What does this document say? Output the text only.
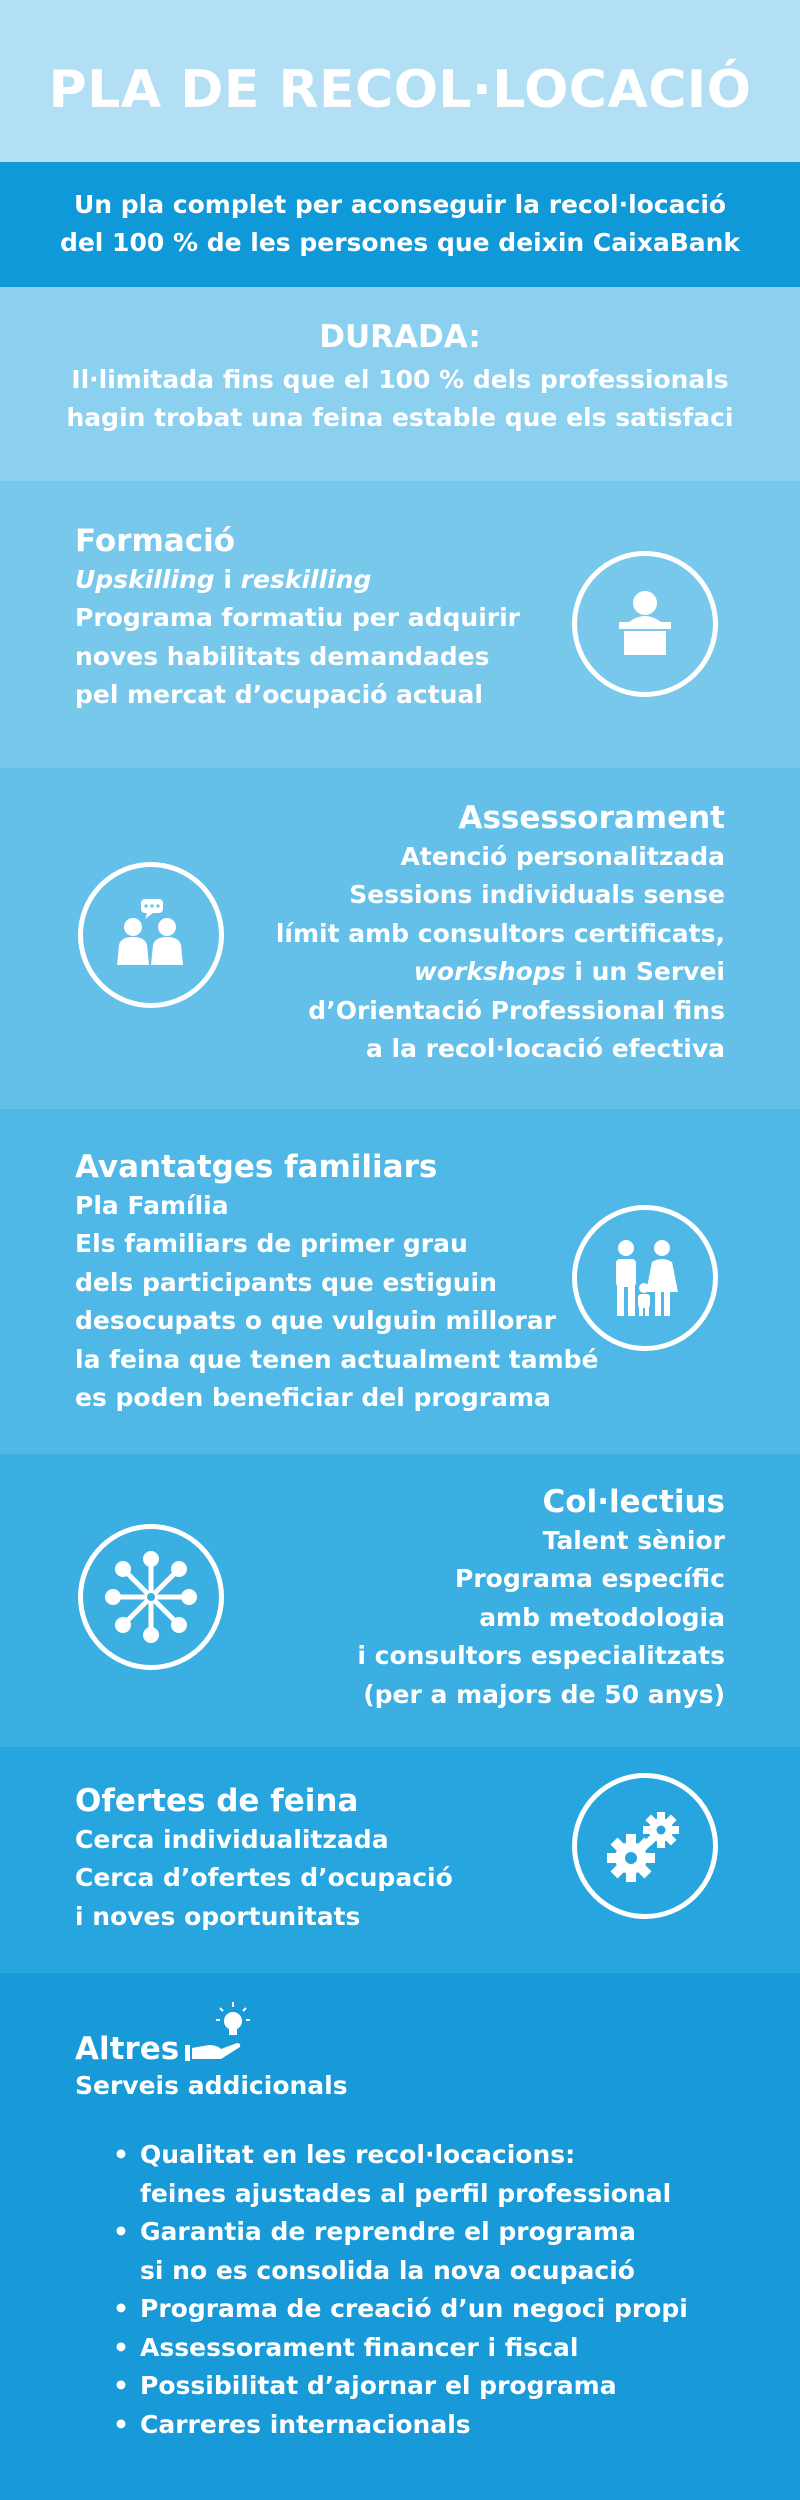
PLA DE RECOL·LOCACIÓ
Un pla complet per aconseguir la recol·locació
del 100 % de les persones que deixin CaixaBank
DURADA:
Il·limitada fins que el 100 % dels professionals
hagin trobat una feina estable que els satisfaci
Formació
Upskilling i reskilling
Programa formatiu per adquirir
noves habilitats demandades
pel mercat d’ocupació actual
Assessorament
Atenció personalitzada
Sessions individuals sense
límit amb consultors certificats,
workshops i un Servei
d’Orientació Professional fins
a la recol·locació efectiva
Avantatges familiars
Pla Família
Els familiars de primer grau
dels participants que estiguin
desocupats o que vulguin millorar
la feina que tenen actualment també
es poden beneficiar del programa
Col·lectius
Talent sènior
Programa específic
amb metodologia
i consultors especialitzats
(per a majors de 50 anys)
Ofertes de feina
Cerca individualitzada
Cerca d’ofertes d’ocupació
i noves oportunitats
Altres
Serveis addicionals
• Qualitat en les recol·locacions:
feines ajustades al perfil professional
• Garantia de reprendre el programa
si no es consolida la nova ocupació
• Programa de creació d’un negoci propi
• Assessorament financer i fiscal
• Possibilitat d’ajornar el programa
• Carreres internacionals
